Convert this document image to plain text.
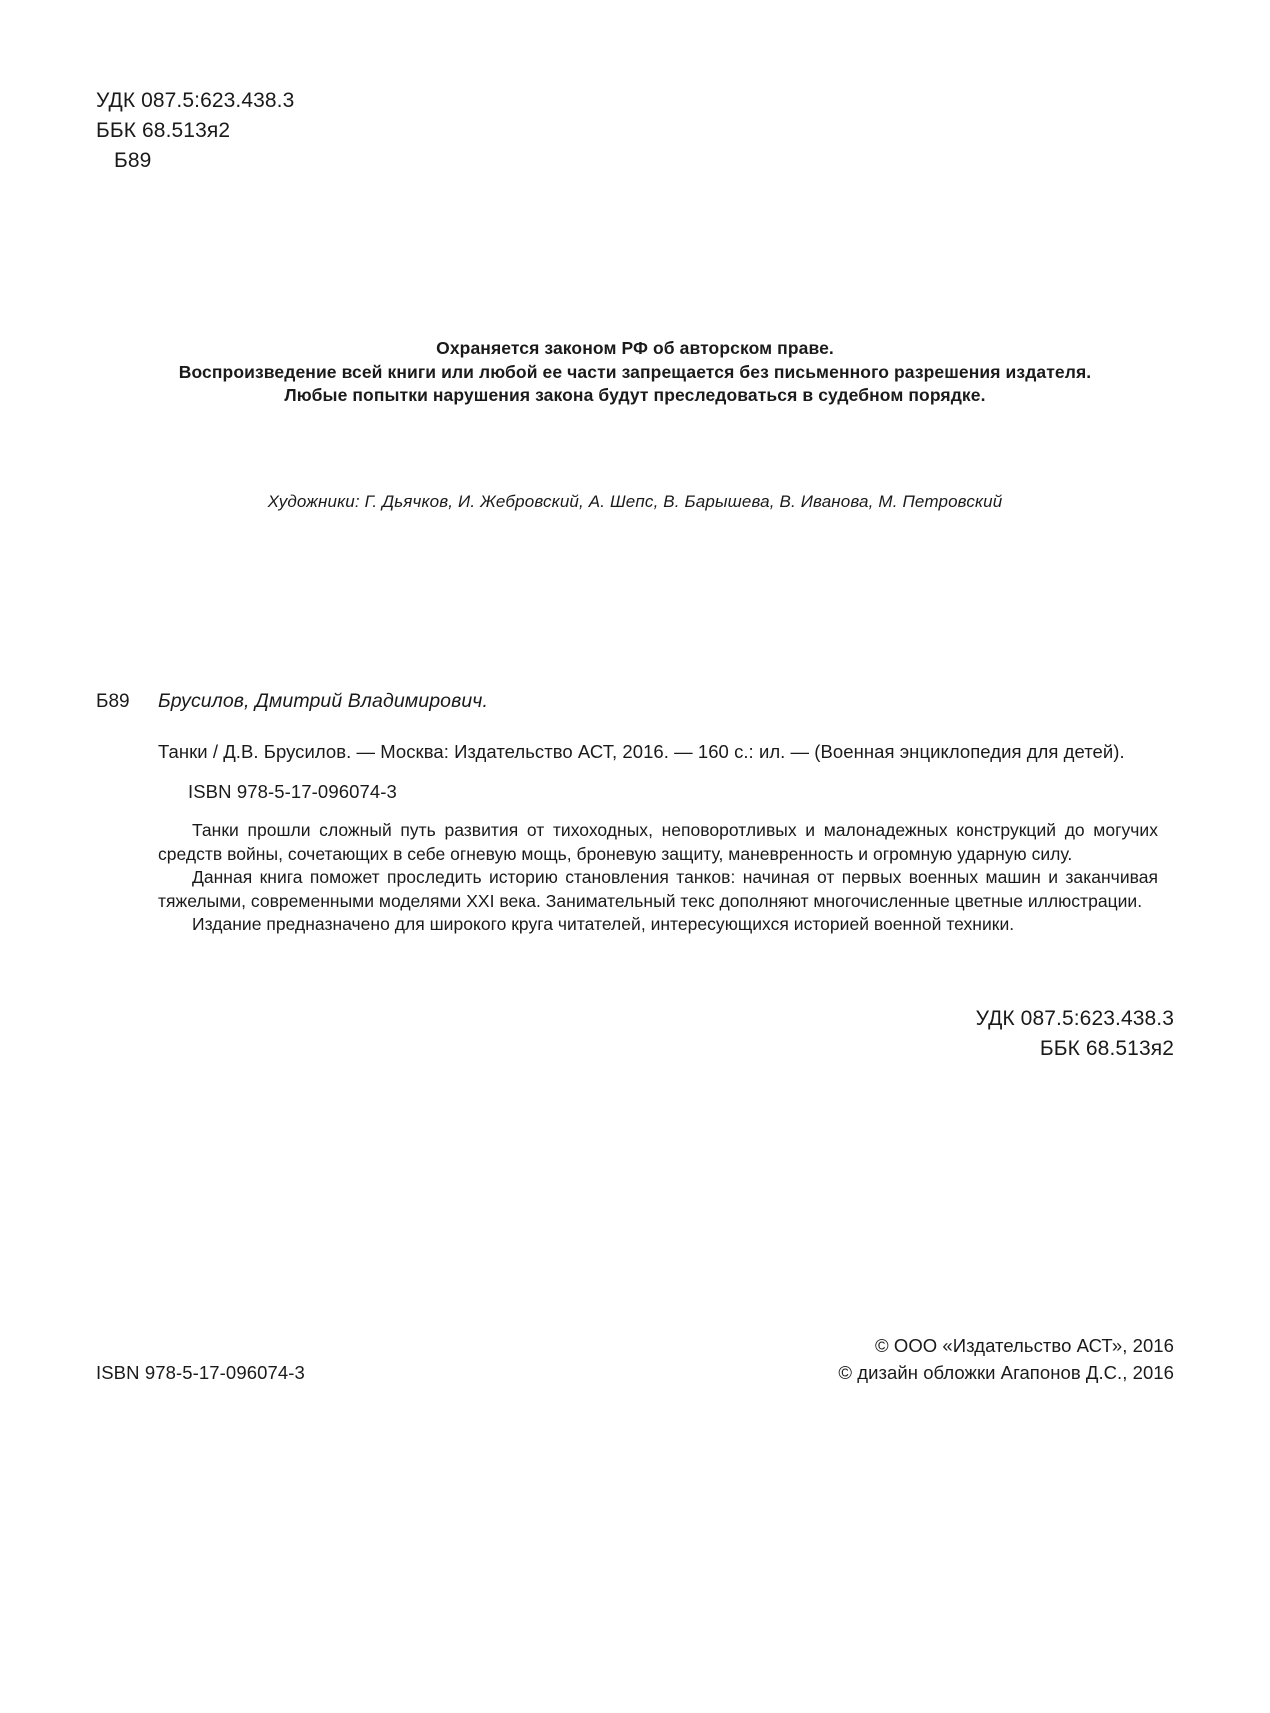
УДК 087.5:623.438.3
ББК 68.513я2
Б89
Охраняется законом РФ об авторском праве.
Воспроизведение всей книги или любой ее части запрещается без письменного разрешения издателя.
Любые попытки нарушения закона будут преследоваться в судебном порядке.
Художники: Г. Дьячков, И. Жебровский, А. Шепс, В. Барышева, В. Иванова, М. Петровский
Б89	Брусилов, Дмитрий Владимирович.
Танки / Д.В. Брусилов. — Москва: Издательство АСТ, 2016. — 160 с.: ил. — (Военная энциклопедия для детей).
ISBN 978-5-17-096074-3

Танки прошли сложный путь развития от тихоходных, неповоротливых и малонадежных конструкций до могучих средств войны, сочетающих в себе огневую мощь, броневую защиту, маневренность и огромную ударную силу.

Данная книга поможет проследить историю становления танков: начиная от первых военных машин и заканчивая тяжелыми, современными моделями XXI века. Занимательный текс дополняют многочисленные цветные иллюстрации.

Издание предназначено для широкого круга читателей, интересующихся историей военной техники.

УДК 087.5:623.438.3
ББК 68.513я2
ISBN 978-5-17-096074-3
© ООО «Издательство АСТ», 2016
© дизайн обложки Агапонов Д.С., 2016
